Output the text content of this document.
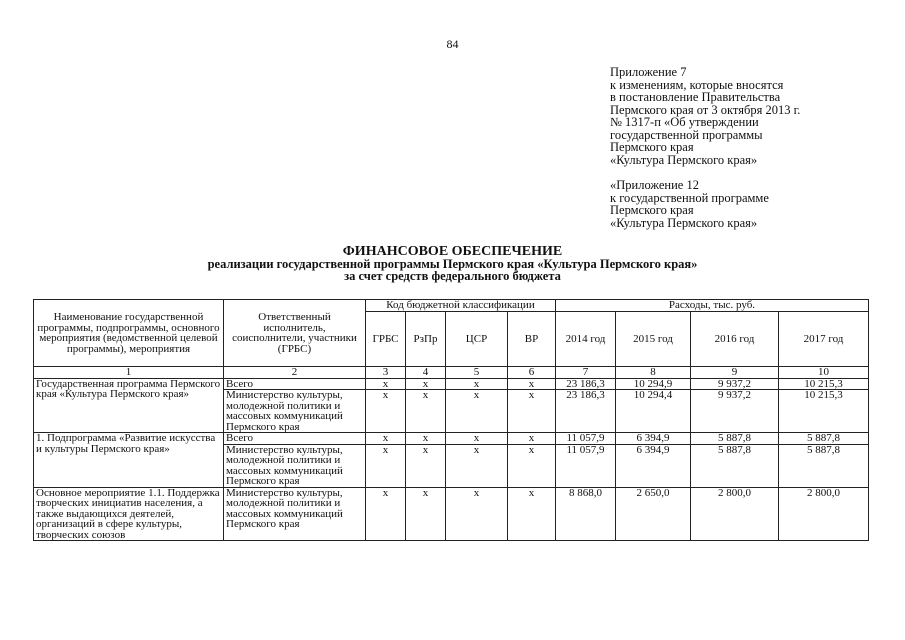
84
Приложение 7
к изменениям, которые вносятся
в постановление Правительства
Пермского края от 3 октября 2013 г.
№ 1317-п «Об утверждении
государственной программы
Пермского края
«Культура Пермского края»
«Приложение 12
к государственной программе
Пермского края
«Культура Пермского края»
ФИНАНСОВОЕ ОБЕСПЕЧЕНИЕ
реализации государственной программы Пермского края «Культура Пермского края»
за счет средств федерального бюджета
Наименование государственной программы, подпрограммы, основного мероприятия (ведомственной целевой программы), мероприятия	Ответственный исполнитель, соисполнители, участники (ГРБС)	Код бюджетной классификации				Расходы, тыс. руб.			
		ГРБС	РзПр	ЦСР	ВР	2014 год	2015 год	2016 год	2017 год
1	2	3	4	5	6	7	8	9	10
Государственная программа Пермского края «Культура Пермского края»	Всего	х	х	х	х	23 186,3	10 294,9	9 937,2	10 215,3
	Министерство культуры, молодежной политики и массовых коммуникаций Пермского края	х	х	х	х	23 186,3	10 294,4	9 937,2	10 215,3
1. Подпрограмма «Развитие искусства и культуры Пермского края»	Всего	х	х	х	х	11 057,9	6 394,9	5 887,8	5 887,8
	Министерство культуры, молодежной политики и массовых коммуникаций Пермского края	х	х	х	х	11 057,9	6 394,9	5 887,8	5 887,8
Основное мероприятие 1.1. Поддержка творческих инициатив населения, а также выдающихся деятелей, организаций в сфере культуры, творческих союзов	Министерство культуры, молодежной политики и массовых коммуникаций Пермского края	х	х	х	х	8 868,0	2 650,0	2 800,0	2 800,0
